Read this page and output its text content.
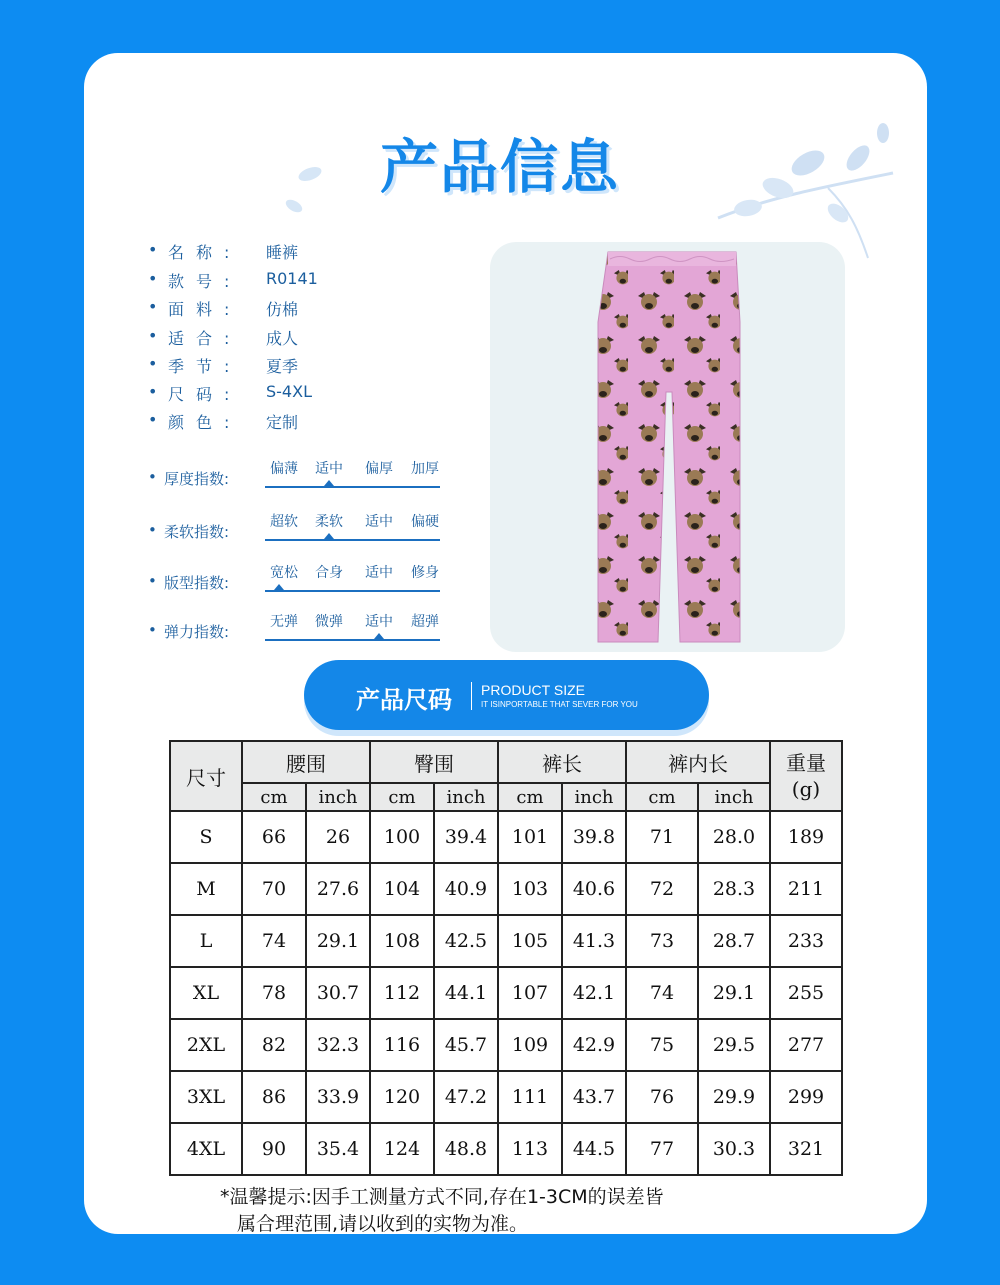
产品信息
• 名称: 睡裤
• 款号: R0141
• 面料: 仿棉
• 适合: 成人
• 季节: 夏季
• 尺码: S-4XL
• 颜色: 定制
• 厚度指数:
偏薄	适中	偏厚	加厚
• 柔软指数:
超软	柔软	适中	偏硬
• 版型指数:
宽松	合身	适中	修身
• 弹力指数:
无弹	微弹	适中	超弹
产品尺码 PRODUCT SIZE
IT ISINPORTABLE THAT SEVER FOR YOU
尺寸	腰围		臀围		裤长		裤内长		重量
(g)

	cm	inch	cm	inch	cm	inch	cm	inch	
S	66	26	100	39.4	101	39.8	71	28.0	189
M	70	27.6	104	40.9	103	40.6	72	28.3	211
L	74	29.1	108	42.5	105	41.3	73	28.7	233
XL	78	30.7	112	44.1	107	42.1	74	29.1	255
2XL	82	32.3	116	45.7	109	42.9	75	29.5	277
3XL	86	33.9	120	47.2	111	43.7	76	29.9	299
4XL	90	35.4	124	48.8	113	44.5	77	30.3	321
*温馨提示:因手工测量方式不同,存在1-3CM的误差皆
属合理范围,请以收到的实物为准。
